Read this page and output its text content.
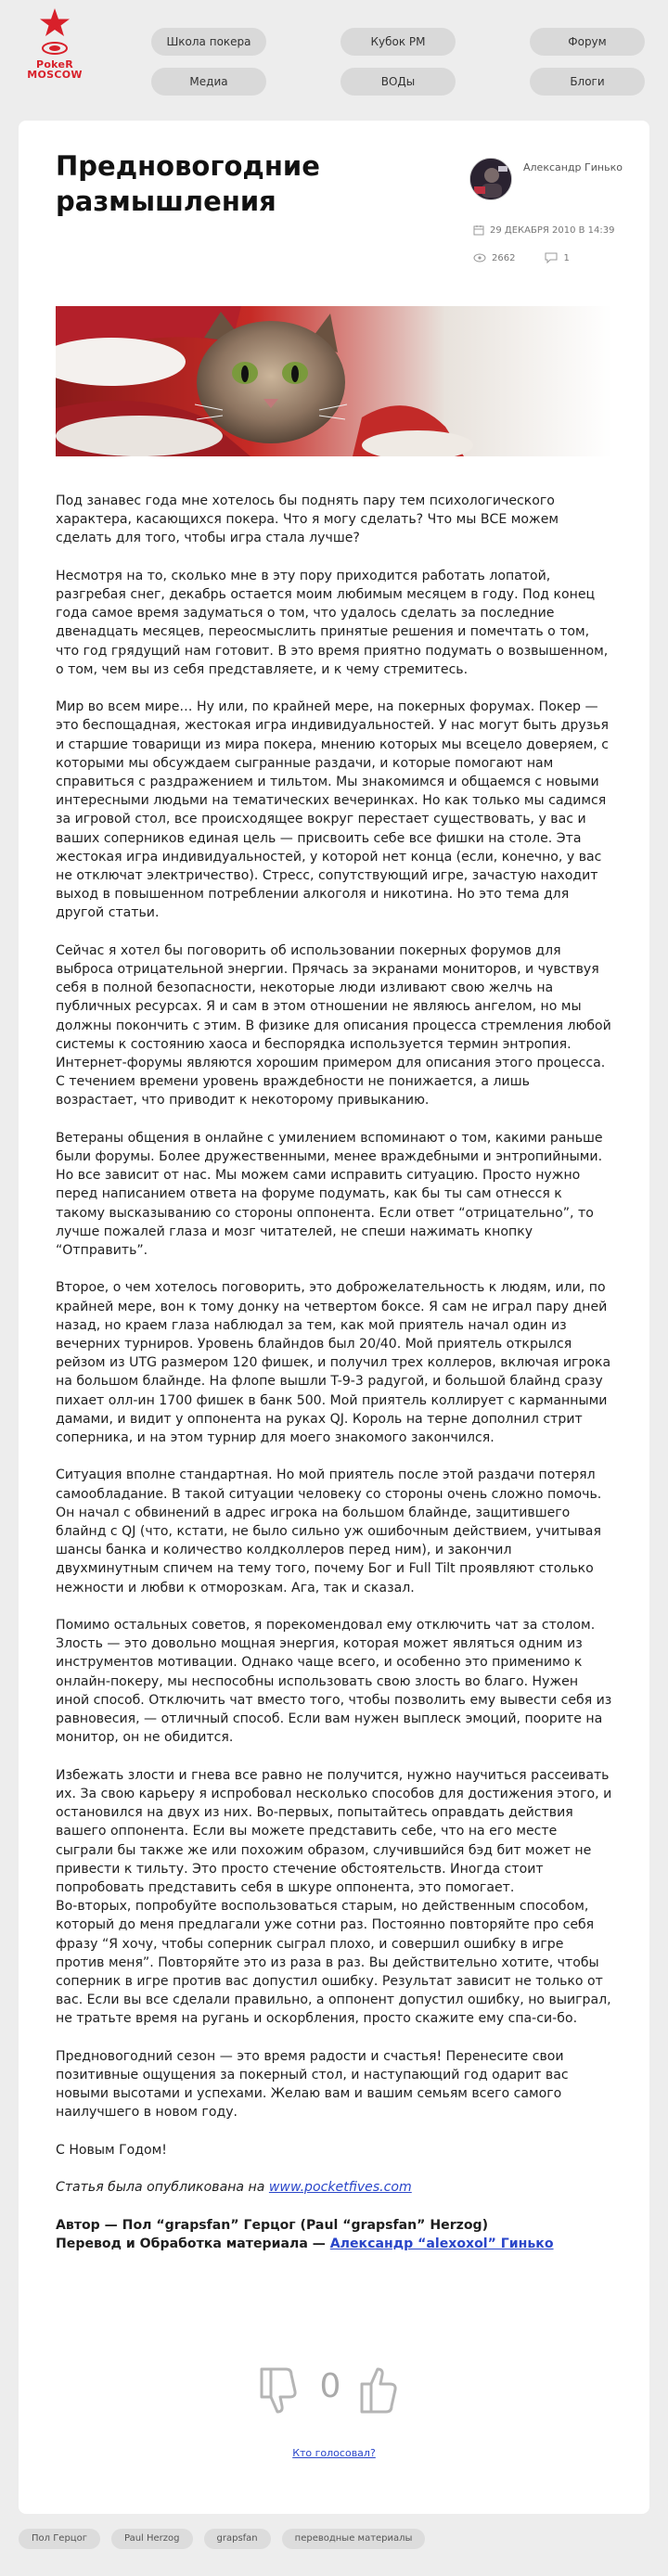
PokeR
MOSCOW
Школа покера	Кубок PM	Форум
Медиа	ВОДы	Блоги
Предновогодние размышления
Александр Гинько
29 ДЕКАБРЯ 2010 В 14:39
2662	1

Под занавес года мне хотелось бы поднять пару тем психологического характера, касающихся покера. Что я могу сделать? Что мы ВСЕ можем сделать для того, чтобы игра стала лучше?

Несмотря на то, сколько мне в эту пору приходится работать лопатой, разгребая снег, декабрь остается моим любимым месяцем в году. Под конец года самое время задуматься о том, что удалось сделать за последние двенадцать месяцев, переосмыслить принятые решения и помечтать о том, что год грядущий нам готовит. В это время приятно подумать о возвышенном, о том, чем вы из себя представляете, и к чему стремитесь.

Мир во всем мире… Ну или, по крайней мере, на покерных форумах. Покер — это беспощадная, жестокая игра индивидуальностей. У нас могут быть друзья и старшие товарищи из мира покера, мнению которых мы всецело доверяем, с которыми мы обсуждаем сыгранные раздачи, и которые помогают нам справиться с раздражением и тильтом. Мы знакомимся и общаемся с новыми интересными людьми на тематических вечеринках. Но как только мы садимся за игровой стол, все происходящее вокруг перестает существовать, у вас и ваших соперников единая цель — присвоить себе все фишки на столе. Эта жестокая игра индивидуальностей, у которой нет конца (если, конечно, у вас не отключат электричество). Стресс, сопутствующий игре, зачастую находит выход в повышенном потреблении алкоголя и никотина. Но это тема для другой статьи.

Сейчас я хотел бы поговорить об использовании покерных форумов для выброса отрицательной энергии. Прячась за экранами мониторов, и чувствуя себя в полной безопасности, некоторые люди изливают свою желчь на публичных ресурсах. Я и сам в этом отношении не являюсь ангелом, но мы должны покончить с этим. В физике для описания процесса стремления любой системы к состоянию хаоса и беспорядка используется термин энтропия. Интернет-форумы являются хорошим примером для описания этого процесса. С течением времени уровень враждебности не понижается, а лишь возрастает, что приводит к некоторому привыканию.

Ветераны общения в онлайне с умилением вспоминают о том, какими раньше были форумы. Более дружественными, менее враждебными и энтропийными. Но все зависит от нас. Мы можем сами исправить ситуацию. Просто нужно перед написанием ответа на форуме подумать, как бы ты сам отнесся к такому высказыванию со стороны оппонента. Если ответ “отрицательно”, то лучше пожалей глаза и мозг читателей, не спеши нажимать кнопку “Отправить”.

Второе, о чем хотелось поговорить, это доброжелательность к людям, или, по крайней мере, вон к тому донку на четвертом боксе. Я сам не играл пару дней назад, но краем глаза наблюдал за тем, как мой приятель начал один из вечерних турниров. Уровень блайндов был 20/40. Мой приятель открылся рейзом из UTG размером 120 фишек, и получил трех коллеров, включая игрока на большом блайнде. На флопе вышли T-9-3 радугой, и большой блайнд сразу пихает олл-ин 1700 фишек в банк 500. Мой приятель коллирует с карманными дамами, и видит у оппонента на руках QJ. Король на терне дополнил стрит соперника, и на этом турнир для моего знакомого закончился.

Ситуация вполне стандартная. Но мой приятель после этой раздачи потерял самообладание. В такой ситуации человеку со стороны очень сложно помочь. Он начал с обвинений в адрес игрока на большом блайнде, защитившего блайнд с QJ (что, кстати, не было сильно уж ошибочным действием, учитывая шансы банка и количество колдколлеров перед ним), и закончил двухминутным спичем на тему того, почему Бог и Full Tilt проявляют столько нежности и любви к отморозкам. Ага, так и сказал.

Помимо остальных советов, я порекомендовал ему отключить чат за столом. Злость — это довольно мощная энергия, которая может являться одним из инструментов мотивации. Однако чаще всего, и особенно это применимо к онлайн-покеру, мы неспособны использовать свою злость во благо. Нужен иной способ. Отключить чат вместо того, чтобы позволить ему вывести себя из равновесия, — отличный способ. Если вам нужен выплеск эмоций, поорите на монитор, он не обидится.

Избежать злости и гнева все равно не получится, нужно научиться рассеивать их. За свою карьеру я испробовал несколько способов для достижения этого, и остановился на двух из них. Во-первых, попытайтесь оправдать действия вашего оппонента. Если вы можете представить себе, что на его месте сыграли бы также же или похожим образом, случившийся бэд бит может не привести к тильту. Это просто стечение обстоятельств. Иногда стоит попробовать представить себя в шкуре оппонента, это помогает.

Во-вторых, попробуйте воспользоваться старым, но действенным способом, который до меня предлагали уже сотни раз. Постоянно повторяйте про себя фразу “Я хочу, чтобы соперник сыграл плохо, и совершил ошибку в игре против меня”. Повторяйте это из раза в раз. Вы действительно хотите, чтобы соперник в игре против вас допустил ошибку. Результат зависит не только от вас. Если вы все сделали правильно, а оппонент допустил ошибку, но выиграл, не тратьте время на ругань и оскорбления, просто скажите ему спа-си-бо.

Предновогодний сезон — это время радости и счастья! Перенесите свои позитивные ощущения за покерный стол, и наступающий год одарит вас новыми высотами и успехами. Желаю вам и вашим семьям всего самого наилучшего в новом году.

С Новым Годом!

Статья была опубликована на www.pocketfives.com

Автор — Пол “grapsfan” Герцог (Paul “grapsfan” Herzog)

Перевод и Обработка материала — Александр “alexoxol” Гинько

0
Кто голосовал?
Пол Герцог	Paul Herzog	grapsfan	переводные материалы
